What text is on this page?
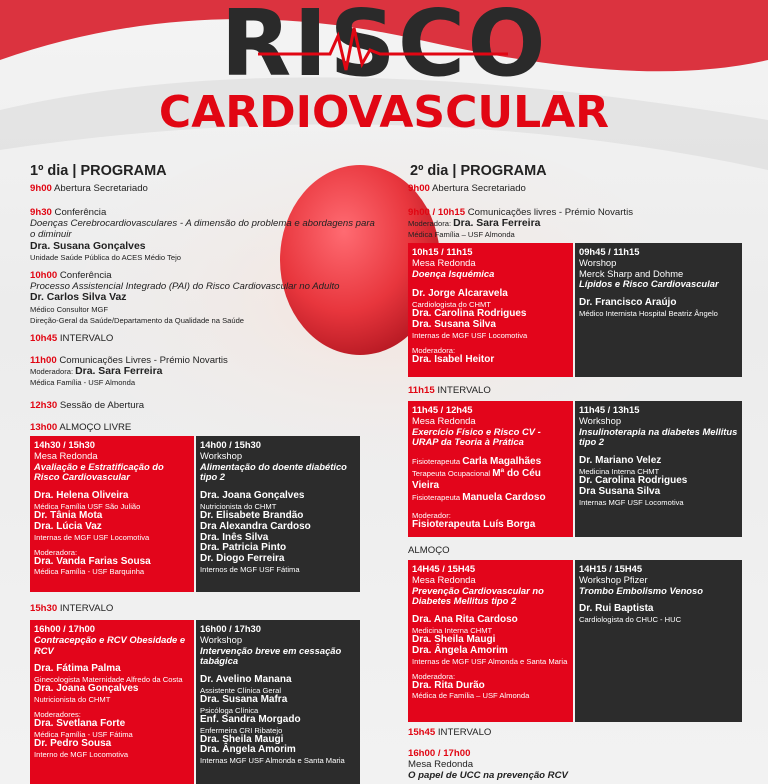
RISCO
CARDIOVASCULAR
1º dia | PROGRAMA
9h00 Abertura Secretariado
9h30 Conferência
Doenças Cerebrocardiovasculares - A dimensão do problema e abordagens para o diminuir
Dra. Susana Gonçalves
Unidade Saúde Pública do ACES Médio Tejo
10h00 Conferência
Processo Assistencial Integrado (PAI) do Risco Cardiovascular no Adulto
Dr. Carlos Silva Vaz
Médico Consultor MGF
Direção-Geral da Saúde/Departamento da Qualidade na Saúde
10h45 INTERVALO
11h00 Comunicações Livres - Prémio Novartis
Moderadora: Dra. Sara Ferreira
Médica Família - USF Almonda
12h30 Sessão de Abertura
13h00 ALMOÇO LIVRE
14h30 / 15h30
Mesa Redonda
Avaliação e Estratificação do Risco Cardiovascular
Dra. Helena Oliveira
Médica Família USF São Julião
Dr. Tânia Mota
Dra. Lúcia Vaz
Internas de MGF USF Locomotiva
Moderadora:
Dra. Vanda Farias Sousa
Médica Família - USF Barquinha
14h00 / 15h30
Workshop
Alimentação do doente diabético tipo 2
Dra. Joana Gonçalves
Nutricionista do CHMT
Dr. Elisabete Brandão
Dra Alexandra Cardoso
Dra. Inês Silva
Dra. Patricia Pinto
Dr. Diogo Ferreira
Internos de MGF USF Fátima
15h30 INTERVALO
16h00 / 17h00
Contracepção e RCV Obesidade e RCV
Dra. Fátima Palma
Ginecologista Maternidade Alfredo da Costa
Dra. Joana Gonçalves
Nutricionista do CHMT
Moderadores:
Dra. Svetlana Forte
Médica Família - USF Fátima
Dr. Pedro Sousa
Interno de MGF Locomotiva
16h00 / 17h30
Workshop
Intervenção breve em cessação tabágica
Dr. Avelino Manana
Assistente Clínica Geral
Dra. Susana Mafra
Psicóloga Clínica
Enf. Sandra Morgado
Enfermeira CRI Ribatejo
Dra. Sheila Maugi
Dra. Ângela Amorim
Internas MGF USF Almonda e Santa Maria
2º dia | PROGRAMA
9h00 Abertura Secretariado
9h00 / 10h15 Comunicações livres - Prémio Novartis
Moderadora: Dra. Sara Ferreira
Médica Família – USF Almonda
10h15 / 11h15
Mesa Redonda
Doença Isquémica
Dr. Jorge Alcaravela
Cardiologista do CHMT
Dra. Carolina Rodrigues
Dra. Susana Silva
Internas de MGF USF Locomotiva
Moderadora:
Dra. Isabel Heitor
09h45 / 11h15
Worshop
Merck Sharp and Dohme
Lípidos e Risco Cardiovascular
Dr. Francisco Araújo
Médico Internista Hospital Beatriz Ângelo
11h15 INTERVALO
11h45 / 12h45
Mesa Redonda
Exercício Físico e Risco CV - URAP da Teoria à Prática
Fisioterapeuta Carla Magalhães
Terapeuta Ocupacional Mª do Céu Vieira
Fisioterapeuta Manuela Cardoso
Moderador:
Fisioterapeuta Luís Borga
11h45 / 13h15
Workshop
Insulinoterapia na diabetes Mellitus tipo 2
Dr. Mariano Velez
Medicina Interna CHMT
Dr. Carolina Rodrigues
Dra Susana Silva
Internas MGF USF Locomotiva
ALMOÇO
14H45 / 15H45
Mesa Redonda
Prevenção Cardiovascular no Diabetes Mellitus tipo 2
Dra. Ana Rita Cardoso
Medicina Interna CHMT
Dra. Sheila Maugi
Dra. Ângela Amorim
Internas de MGF USF Almonda e Santa Maria
Moderadora:
Dra. Rita Durão
Médica de Família – USF Almonda
14H15 / 15H45
Workshop Pfizer
Trombo Embolismo Venoso
Dr. Rui Baptista
Cardiologista do CHUC - HUC
15h45 INTERVALO
16h00 / 17h00
Mesa Redonda
O papel de UCC na prevenção RCV
